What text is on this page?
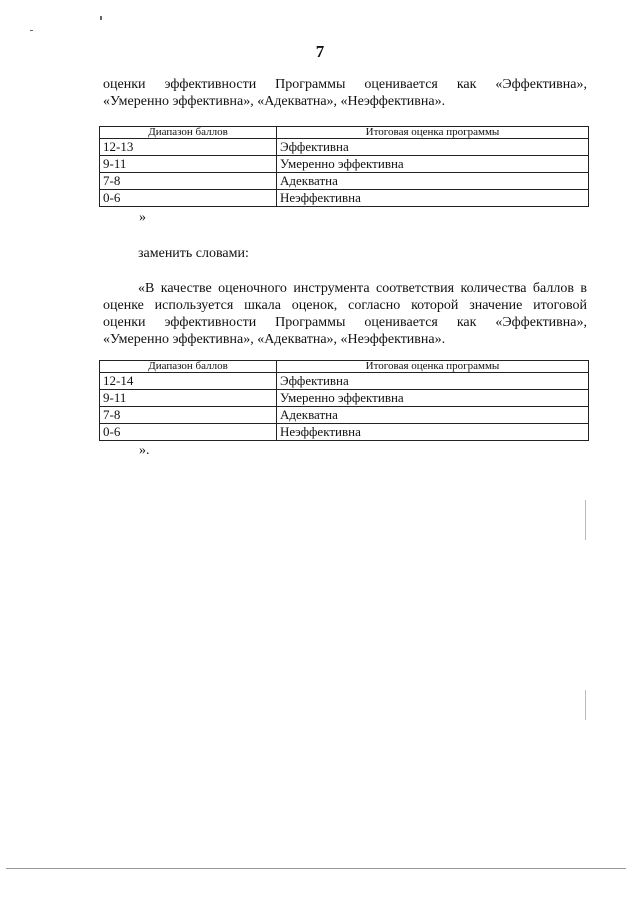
7

оценки эффективности Программы оценивается как «Эффективна»,
«Умеренно эффективна», «Адекватна», «Неэффективна».

Диапазон баллов	Итоговая оценка программы
12-13	Эффективна
9-11	Умеренно эффективна
7-8	Адекватна
0-6	Неэффективна
»

заменить словами:

«В качестве оценочного инструмента соответствия количества баллов в
оценке используется шкала оценок, согласно которой значение итоговой
оценки эффективности Программы оценивается как «Эффективна»,
«Умеренно эффективна», «Адекватна», «Неэффективна».

Диапазон баллов	Итоговая оценка программы
12-14	Эффективна
9-11	Умеренно эффективна
7-8	Адекватна
0-6	Неэффективна
».
